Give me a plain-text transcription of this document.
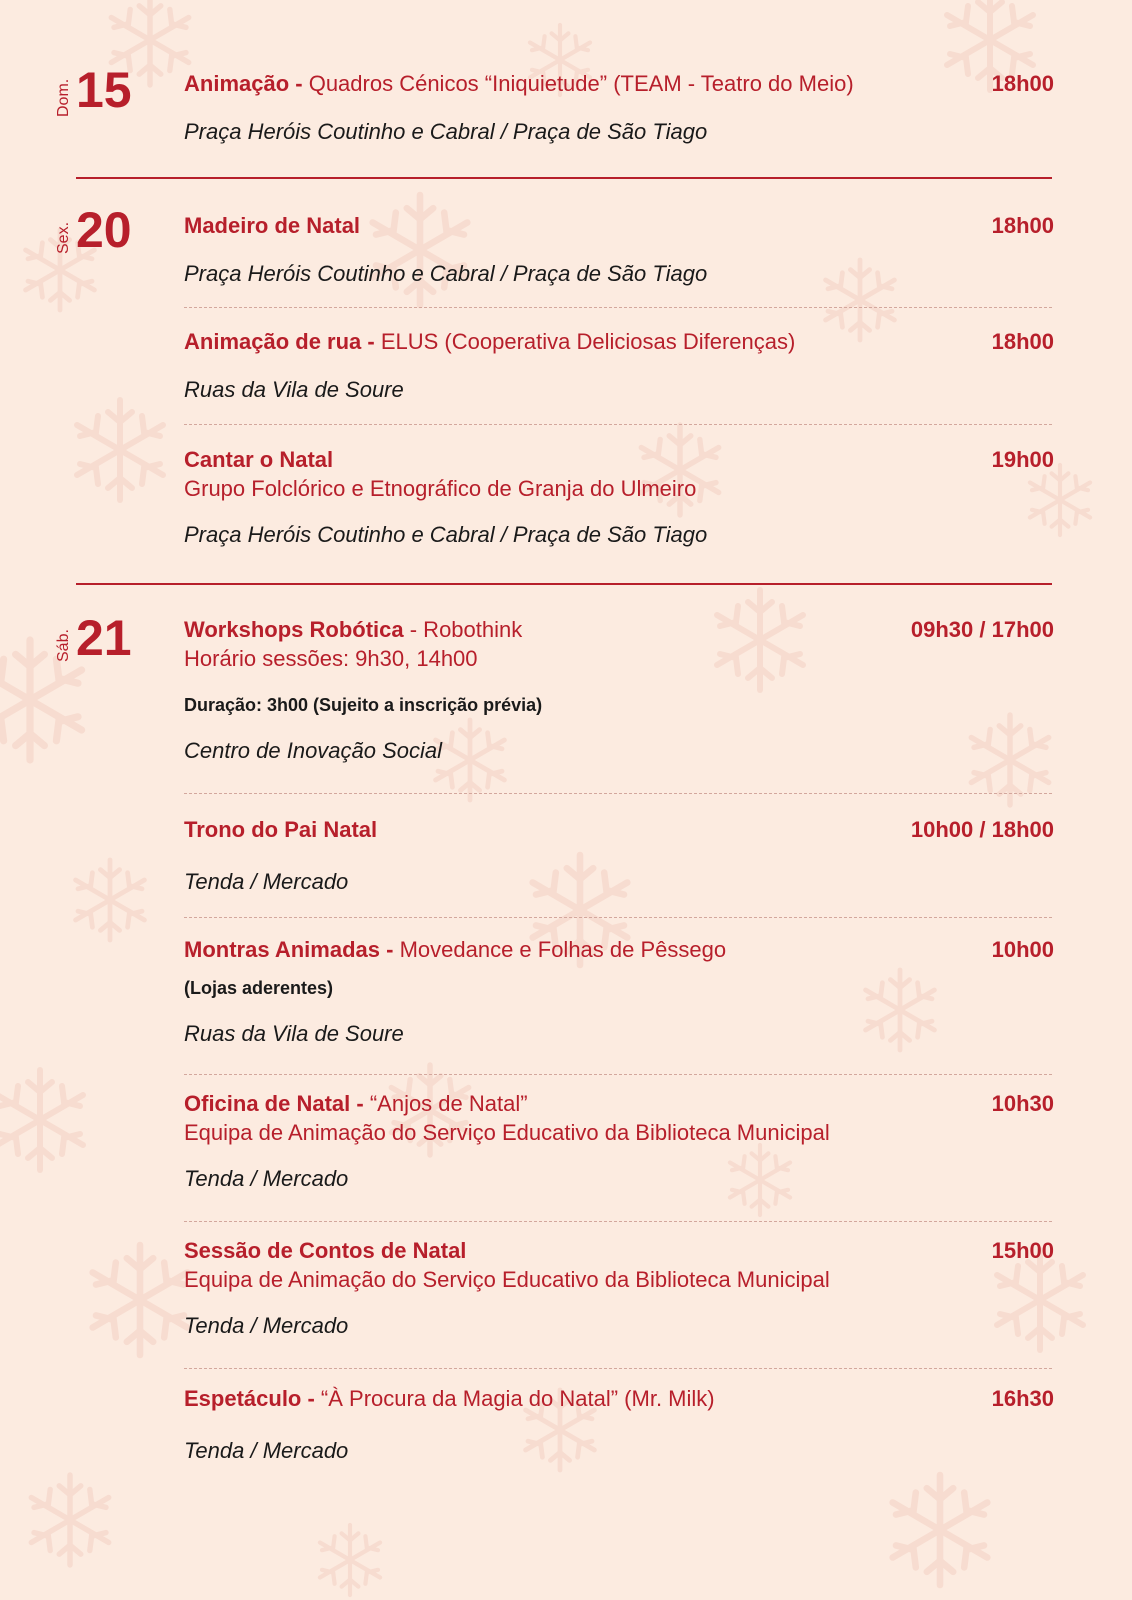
Dom. 15 Animação - Quadros Cénicos “Iniquietude” (TEAM - Teatro do Meio)	18h00
Praça Heróis Coutinho e Cabral / Praça de São Tiago
Sex. 20 Madeiro de Natal	18h00
Praça Heróis Coutinho e Cabral / Praça de São Tiago
Animação de rua - ELUS (Cooperativa Deliciosas Diferenças)	18h00
Ruas da Vila de Soure
Cantar o Natal	19h00
Grupo Folclórico e Etnográfico de Granja do Ulmeiro
Praça Heróis Coutinho e Cabral / Praça de São Tiago
Sáb. 21 Workshops Robótica - Robothink	09h30 / 17h00
Horário sessões: 9h30, 14h00
Duração: 3h00 (Sujeito a inscrição prévia)
Centro de Inovação Social
Trono do Pai Natal	10h00 / 18h00
Tenda / Mercado
Montras Animadas - Movedance e Folhas de Pêssego	10h00
(Lojas aderentes)
Ruas da Vila de Soure
Oficina de Natal - “Anjos de Natal”	10h30
Equipa de Animação do Serviço Educativo da Biblioteca Municipal
Tenda / Mercado
Sessão de Contos de Natal	15h00
Equipa de Animação do Serviço Educativo da Biblioteca Municipal
Tenda / Mercado
Espetáculo - “À Procura da Magia do Natal” (Mr. Milk)	16h30
Tenda / Mercado
